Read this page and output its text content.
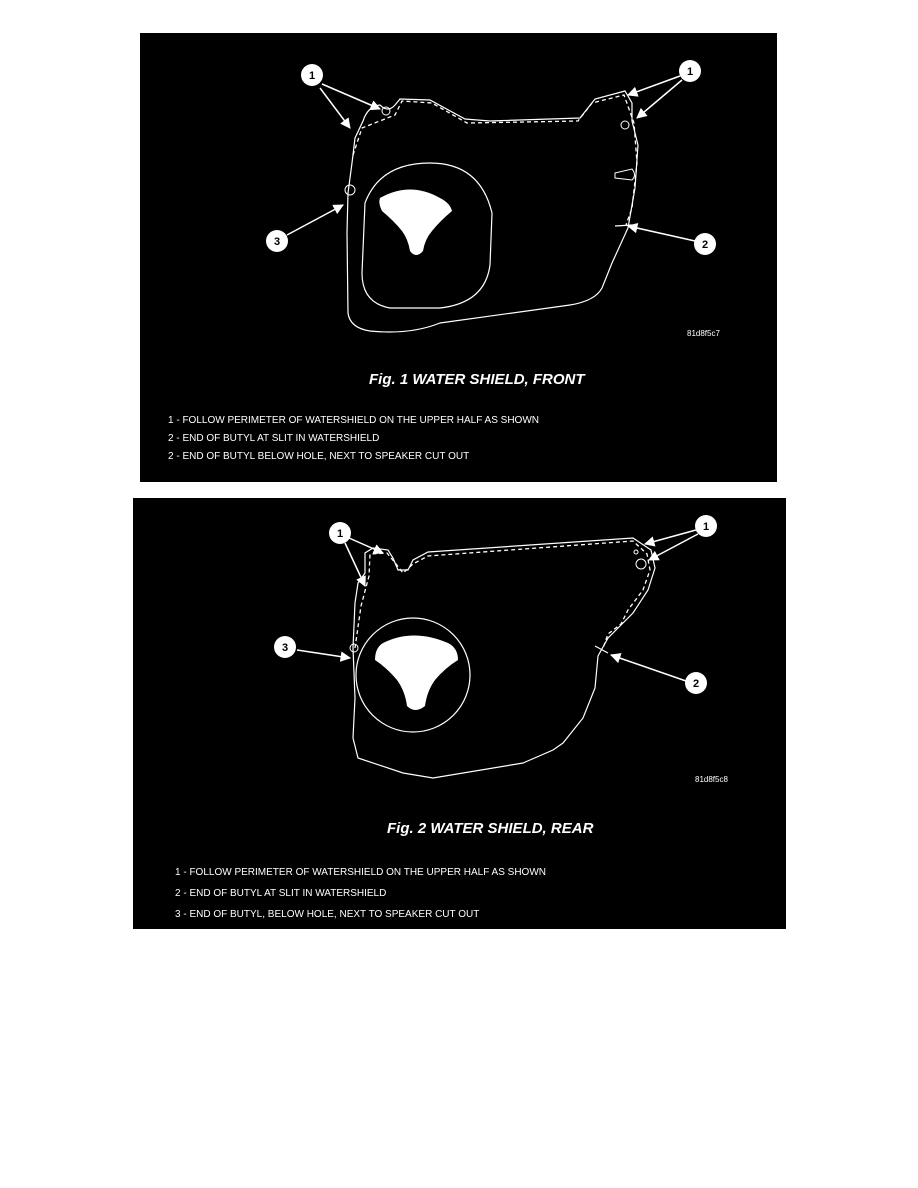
1	1
2
3
81d8f5c7
Fig. 1 WATER SHIELD, FRONT
1 - FOLLOW PERIMETER OF WATERSHIELD ON THE UPPER HALF AS SHOWN
2 - END OF BUTYL AT SLIT IN WATERSHIELD
2 - END OF BUTYL BELOW HOLE, NEXT TO SPEAKER CUT OUT
1
1
2
3
81d8f5c8
Fig. 2 WATER SHIELD, REAR
1 - FOLLOW PERIMETER OF WATERSHIELD ON THE UPPER HALF AS SHOWN
2 - END OF BUTYL AT SLIT IN WATERSHIELD
3 - END OF BUTYL, BELOW HOLE, NEXT TO SPEAKER CUT OUT
